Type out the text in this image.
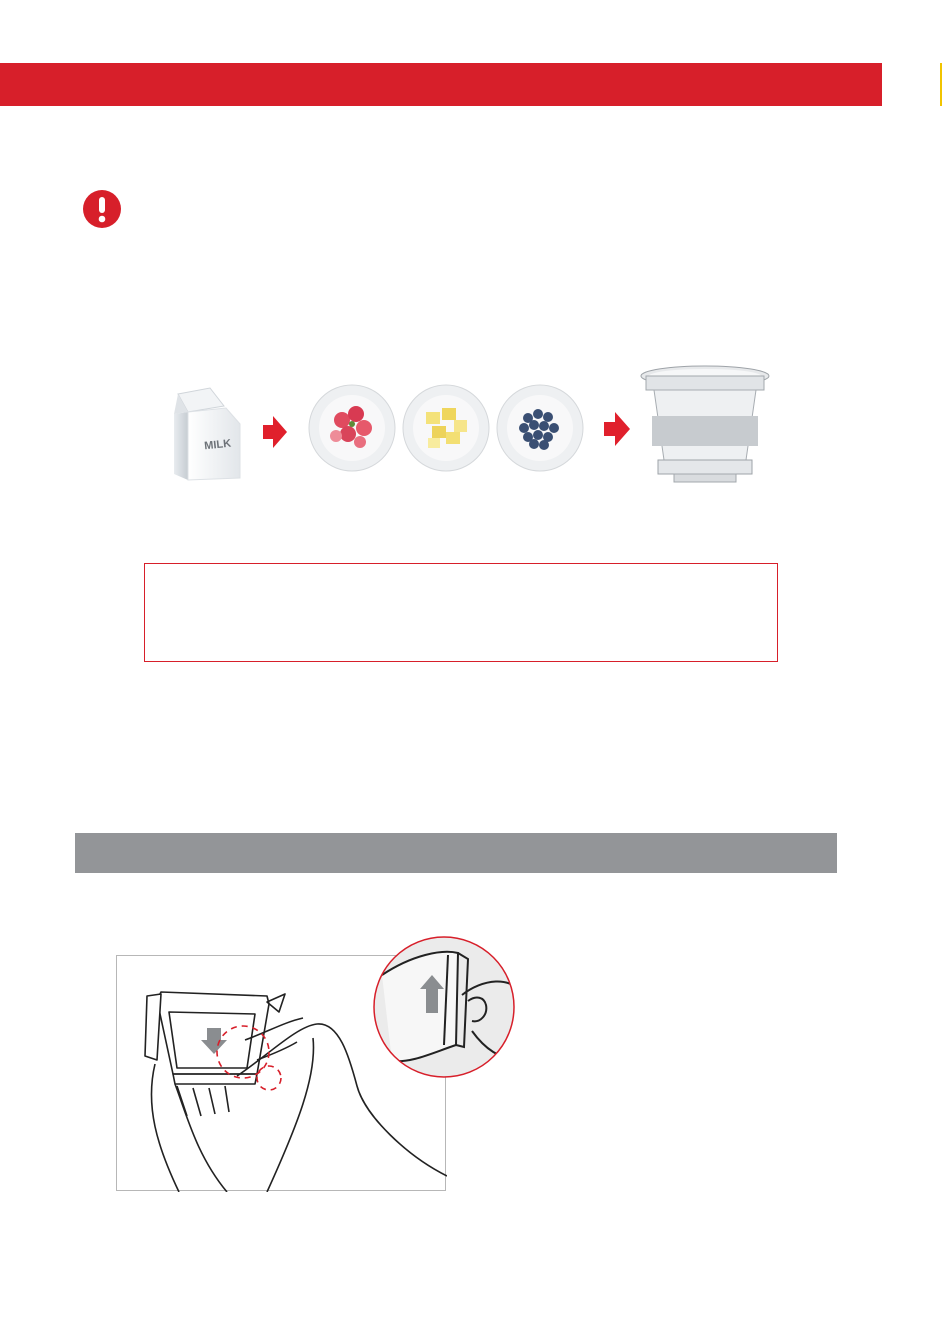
MILK
